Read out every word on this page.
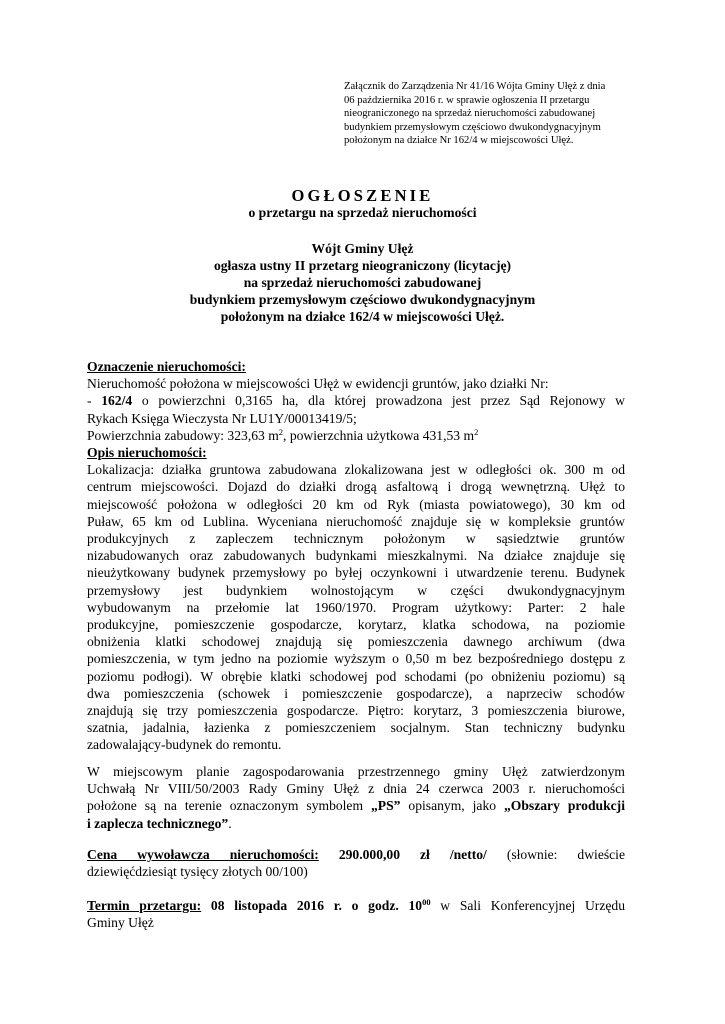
Załącznik do Zarządzenia Nr 41/16 Wójta Gminy Ułęż z dnia
06 października 2016 r. w sprawie ogłoszenia II przetargu
nieograniczonego na sprzedaż nieruchomości zabudowanej
budynkiem przemysłowym częściowo dwukondygnacyjnym
położonym na działce Nr 162/4 w miejscowości Ułęż.
OGŁOSZENIE
o przetargu na sprzedaż nieruchomości
Wójt Gminy Ułęż
ogłasza ustny II przetarg nieograniczony (licytację)
na sprzedaż nieruchomości zabudowanej
budynkiem przemysłowym częściowo dwukondygnacyjnym
położonym na działce 162/4 w miejscowości Ułęż.
Oznaczenie nieruchomości:
Nieruchomość położona w miejscowości Ułęż w ewidencji gruntów, jako działki Nr:
- 162/4 o powierzchni 0,3165 ha, dla której prowadzona jest przez Sąd Rejonowy w
Rykach Księga Wieczysta Nr LU1Y/00013419/5;
Powierzchnia zabudowy: 323,63 $m^2$, powierzchnia użytkowa 431,53 $m^2$
Opis nieruchomości:
Lokalizacja: działka gruntowa zabudowana zlokalizowana jest w odległości ok. 300 m od
centrum miejscowości. Dojazd do działki drogą asfaltową i drogą wewnętrzną. Ułęż to
miejscowość położona w odległości 20 km od Ryk (miasta powiatowego), 30 km od
Puław, 65 km od Lublina. Wyceniana nieruchomość znajduje się w kompleksie gruntów
produkcyjnych z zapleczem technicznym położonym w sąsiedztwie gruntów
nizabudowanych oraz zabudowanych budynkami mieszkalnymi. Na działce znajduje się
nieużytkowany budynek przemysłowy po byłej oczynkowni i utwardzenie terenu. Budynek
przemysłowy jest budynkiem wolnostojącym w części dwukondygnacyjnym
wybudowanym na przełomie lat 1960/1970. Program użytkowy: Parter: 2 hale
produkcyjne, pomieszczenie gospodarcze, korytarz, klatka schodowa, na poziomie
obniżenia klatki schodowej znajdują się pomieszczenia dawnego archiwum (dwa
pomieszczenia, w tym jedno na poziomie wyższym o 0,50 m bez bezpośredniego dostępu z
poziomu podłogi). W obrębie klatki schodowej pod schodami (po obniżeniu poziomu) są
dwa pomieszczenia (schowek i pomieszczenie gospodarcze), a naprzeciw schodów
znajdują się trzy pomieszczenia gospodarcze. Piętro: korytarz, 3 pomieszczenia biurowe,
szatnia, jadalnia, łazienka z pomieszczeniem socjalnym. Stan techniczny budynku
zadowalający-budynek do remontu.
W miejscowym planie zagospodarowania przestrzennego gminy Ułęż zatwierdzonym
Uchwałą Nr VIII/50/2003 Rady Gminy Ułęż z dnia 24 czerwca 2003 r. nieruchomości
położone są na terenie oznaczonym symbolem „PS” opisanym, jako „Obszary produkcji
i zaplecza technicznego”.
Cena wywoławcza nieruchomości: 290.000,00 zł /netto/ (słownie: dwieście
dziewięćdziesiąt tysięcy złotych 00/100)
Termin przetargu: 08 listopada 2016 r. o godz. $10^{00}$ w Sali Konferencyjnej Urzędu
Gminy Ułęż
